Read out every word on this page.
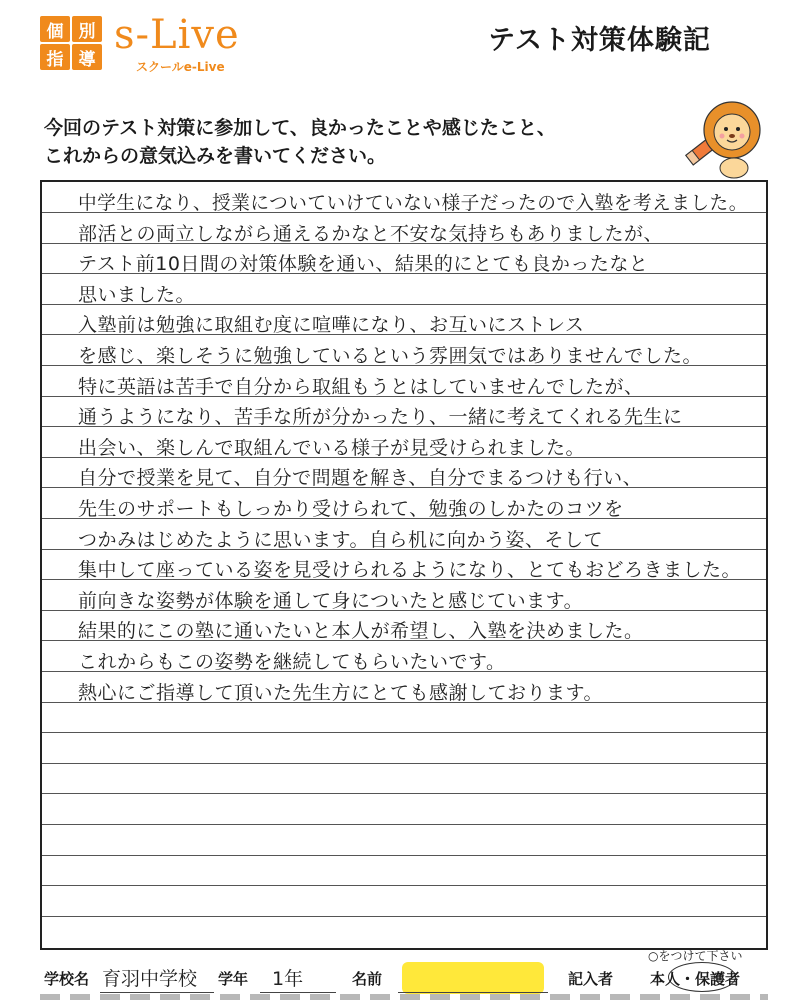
個 別
指 導
s-Live
スクールe-Live
テスト対策体験記
今回のテスト対策に参加して、良かったことや感じたこと、
これからの意気込みを書いてください。
中学生になり、授業についていけていない様子だったので入塾を考えました。
部活との両立しながら通えるかなと不安な気持ちもありましたが、
テスト前10日間の対策体験を通い、結果的にとても良かったなと
思いました。
入塾前は勉強に取組む度に喧嘩になり、お互いにストレス
を感じ、楽しそうに勉強しているという雰囲気ではありませんでした。
特に英語は苦手で自分から取組もうとはしていませんでしたが、
通うようになり、苦手な所が分かったり、一緒に考えてくれる先生に
出会い、楽しんで取組んでいる様子が見受けられました。
自分で授業を見て、自分で問題を解き、自分でまるつけも行い、
先生のサポートもしっかり受けられて、勉強のしかたのコツを
つかみはじめたように思います。自ら机に向かう姿、そして
集中して座っている姿を見受けられるようになり、とてもおどろきました。
前向きな姿勢が体験を通して身についたと感じています。
結果的にこの塾に通いたいと本人が希望し、入塾を決めました。
これからもこの姿勢を継続してもらいたいです。
熱心にご指導して頂いた先生方にとても感謝しております。
○をつけて下さい
学校名 育羽中学校 学年 1年	名前	記入者 本人・保護者
